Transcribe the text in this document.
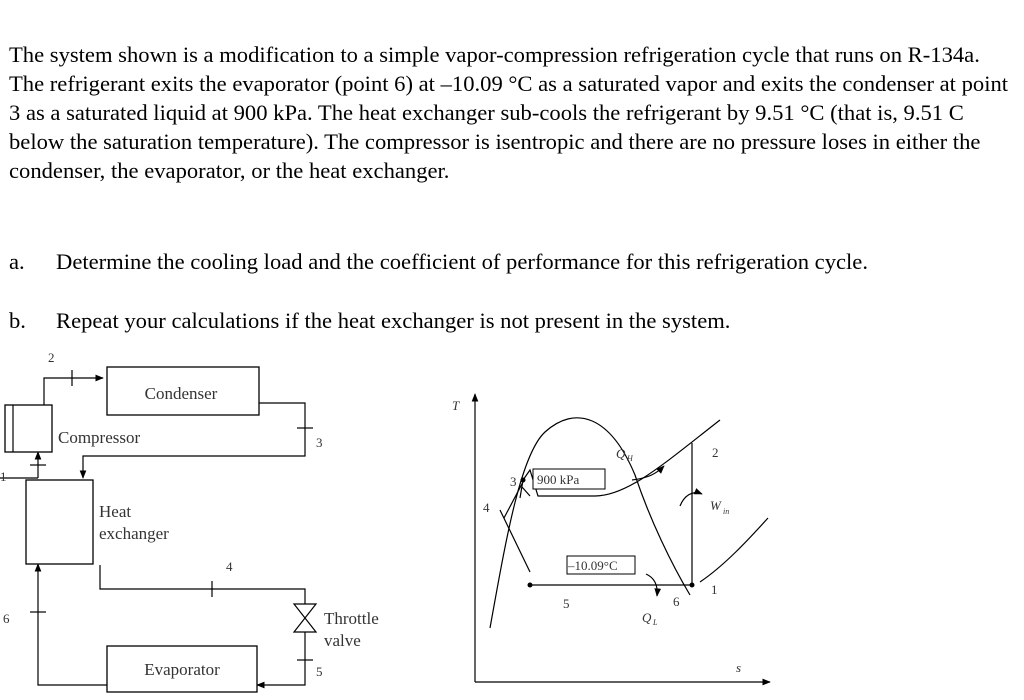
The system shown is a modification to a simple vapor-compression refrigeration cycle that runs on R-134a. The refrigerant exits the evaporator (point 6) at –10.09 °C as a saturated vapor and exits the condenser at point 3 as a saturated liquid at 900 kPa. The heat exchanger sub-cools the refrigerant by 9.51 °C (that is, 9.51 C below the saturation temperature). The compressor is isentropic and there are no pressure loses in either the condenser, the evaporator, or the heat exchanger.

a. Determine the cooling load and the coefficient of performance for this refrigeration cycle.
b. Repeat your calculations if the heat exchanger is not present in the system.
Condenser
Compressor
Heat
exchanger
Evaporator
Throttle
valve
2
3
1
4
5
6
T
s
900 kPa
–10.09°C
Q H
Q L
W in
2
3
4
5	6
1
